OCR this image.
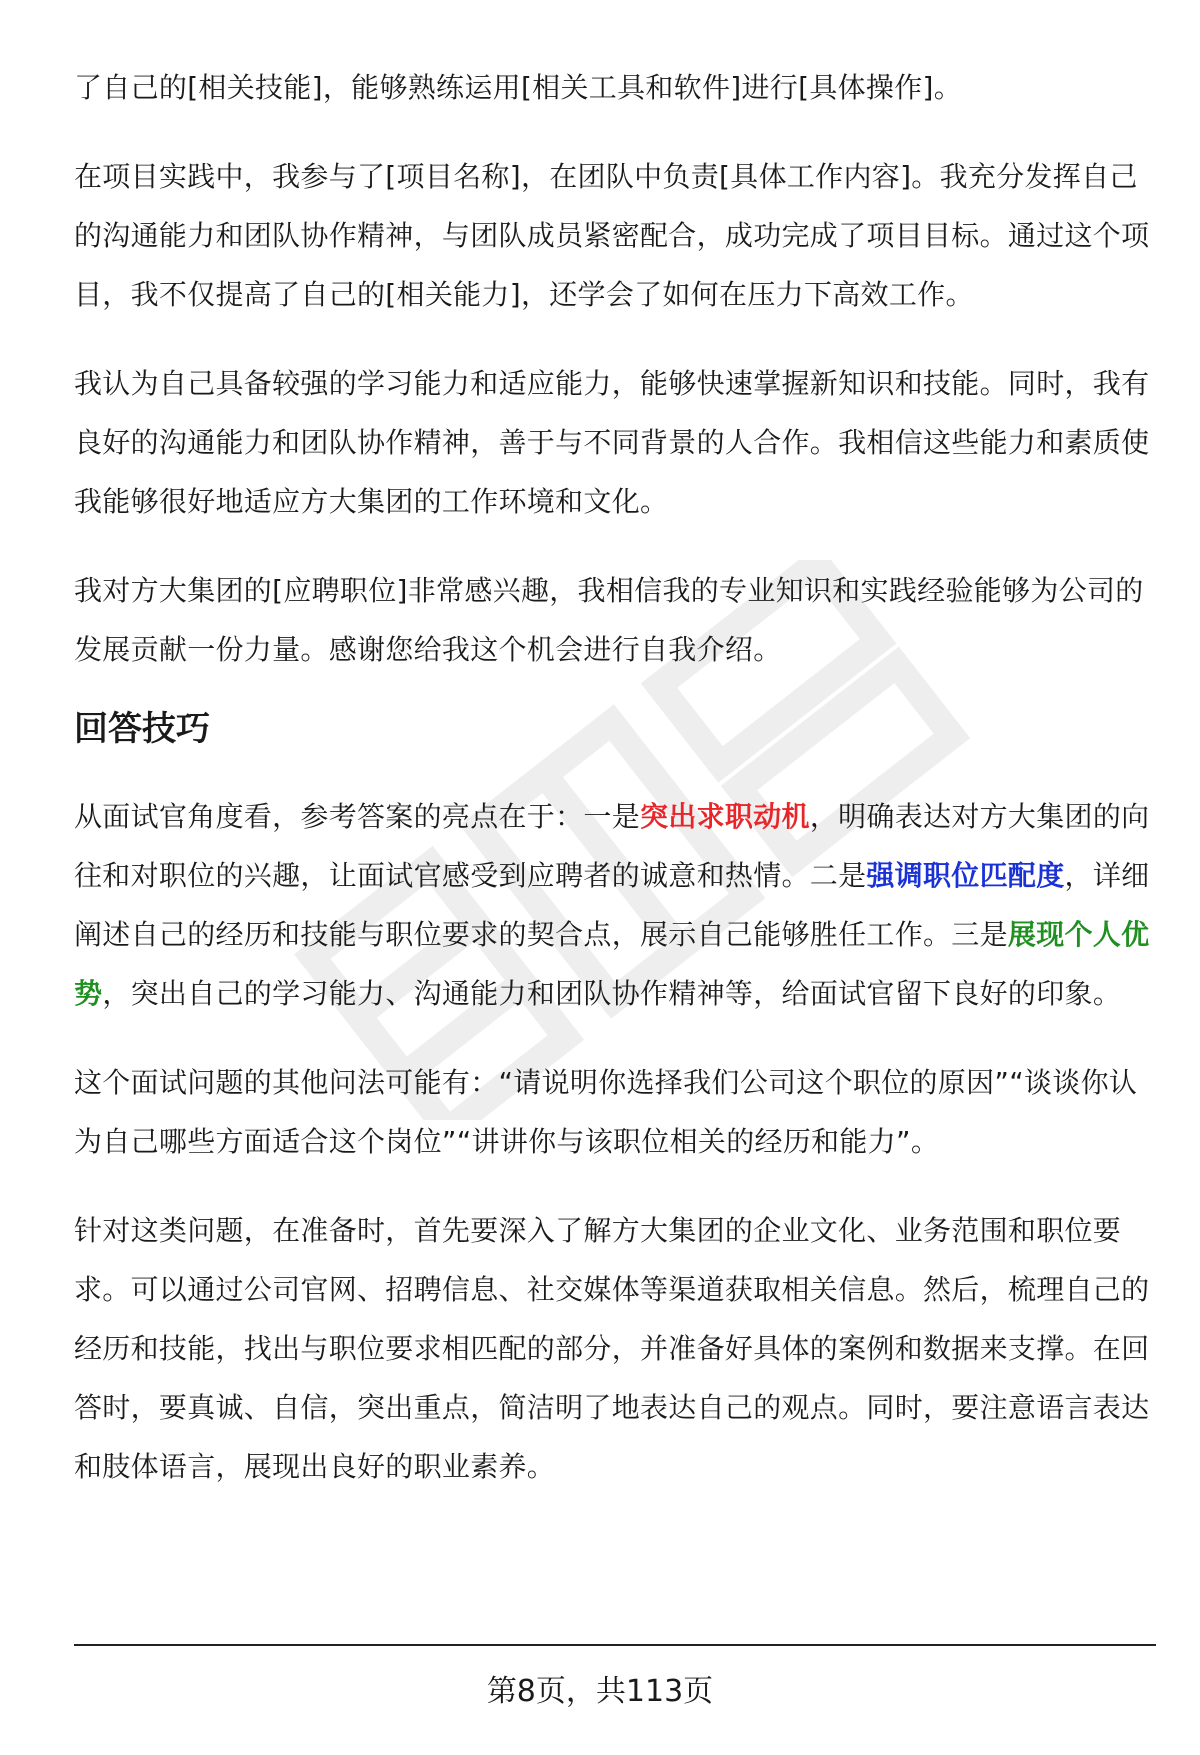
了自己的[相关技能]，能够熟练运用[相关工具和软件]进行[具体操作]。

在项目实践中，我参与了[项目名称]，在团队中负责[具体工作内容]。我充分发挥自己的沟通能力和团队协作精神，与团队成员紧密配合，成功完成了项目目标。通过这个项目，我不仅提高了自己的[相关能力]，还学会了如何在压力下高效工作。

我认为自己具备较强的学习能力和适应能力，能够快速掌握新知识和技能。同时，我有良好的沟通能力和团队协作精神，善于与不同背景的人合作。我相信这些能力和素质使我能够很好地适应方大集团的工作环境和文化。

我对方大集团的[应聘职位]非常感兴趣，我相信我的专业知识和实践经验能够为公司的发展贡献一份力量。感谢您给我这个机会进行自我介绍。

回答技巧

从面试官角度看，参考答案的亮点在于：一是突出求职动机，明确表达对方大集团的向往和对职位的兴趣，让面试官感受到应聘者的诚意和热情。二是强调职位匹配度，详细阐述自己的经历和技能与职位要求的契合点，展示自己能够胜任工作。三是展现个人优势，突出自己的学习能力、沟通能力和团队协作精神等，给面试官留下良好的印象。

这个面试问题的其他问法可能有：“请说明你选择我们公司这个职位的原因”“谈谈你认为自己哪些方面适合这个岗位”“讲讲你与该职位相关的经历和能力”。

针对这类问题，在准备时，首先要深入了解方大集团的企业文化、业务范围和职位要求。可以通过公司官网、招聘信息、社交媒体等渠道获取相关信息。然后，梳理自己的经历和技能，找出与职位要求相匹配的部分，并准备好具体的案例和数据来支撑。在回答时，要真诚、自信，突出重点，简洁明了地表达自己的观点。同时，要注意语言表达和肢体语言，展现出良好的职业素养。

第8页，共113页
